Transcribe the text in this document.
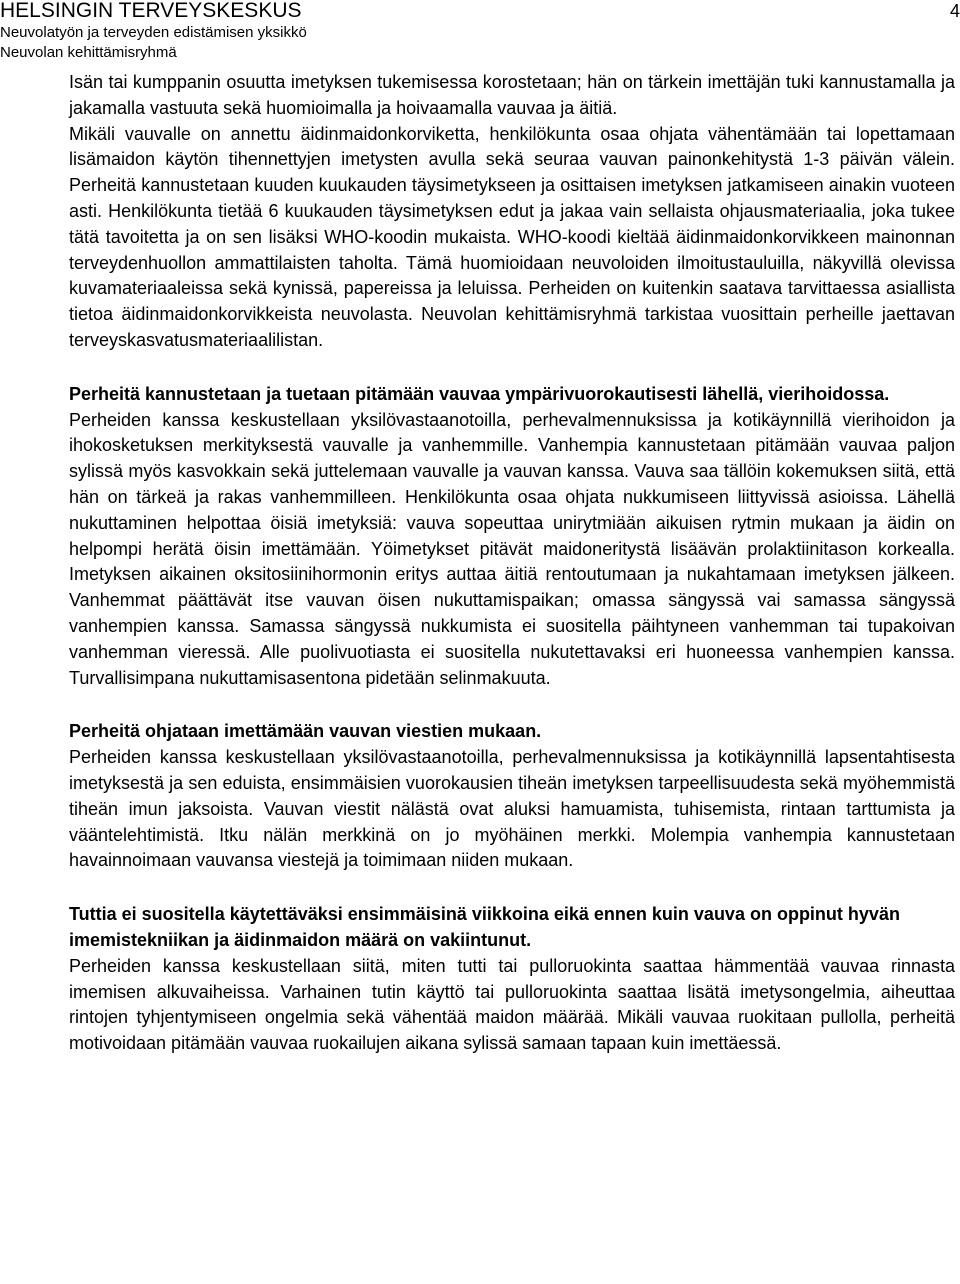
HELSINGIN TERVEYSKESKUS
Neuvolatyön ja terveyden edistämisen yksikkö
Neuvolan kehittämisryhmä
4

Isän tai kumppanin osuutta imetyksen tukemisessa korostetaan; hän on tärkein imettäjän tuki kannustamalla ja jakamalla vastuuta sekä huomioimalla ja hoivaamalla vauvaa ja äitiä.

Mikäli vauvalle on annettu äidinmaidonkorviketta, henkilökunta osaa ohjata vähentämään tai lopettamaan lisämaidon käytön tihennettyjen imetysten avulla sekä seuraa vauvan painonkehitystä 1-3 päivän välein. Perheitä kannustetaan kuuden kuukauden täysimetykseen ja osittaisen imetyksen jatkamiseen ainakin vuoteen asti. Henkilökunta tietää 6 kuukauden täysimetyksen edut ja jakaa vain sellaista ohjausmateriaalia, joka tukee tätä tavoitetta ja on sen lisäksi WHO-koodin mukaista. WHO-koodi kieltää äidinmaidonkorvikkeen mainonnan terveydenhuollon ammattilaisten taholta. Tämä huomioidaan neuvoloiden ilmoitustauluilla, näkyvillä olevissa kuvamateriaaleissa sekä kynissä, papereissa ja leluissa. Perheiden on kuitenkin saatava tarvittaessa asiallista tietoa äidinmaidonkorvikkeista neuvolasta. Neuvolan kehittämisryhmä tarkistaa vuosittain perheille jaettavan terveyskasvatusmateriaalilistan.

Perheitä kannustetaan ja tuetaan pitämään vauvaa ympärivuorokautisesti lähellä, vierihoidossa.

Perheiden kanssa keskustellaan yksilövastaanotoilla, perhevalmennuksissa ja kotikäynnillä vierihoidon ja ihokosketuksen merkityksestä vauvalle ja vanhemmille. Vanhempia kannustetaan pitämään vauvaa paljon sylissä myös kasvokkain sekä juttelemaan vauvalle ja vauvan kanssa. Vauva saa tällöin kokemuksen siitä, että hän on tärkeä ja rakas vanhemmilleen. Henkilökunta osaa ohjata nukkumiseen liittyvissä asioissa. Lähellä nukuttaminen helpottaa öisiä imetyksiä: vauva sopeuttaa unirytmiään aikuisen rytmin mukaan ja äidin on helpompi herätä öisin imettämään. Yöimetykset pitävät maidoneritystä lisäävän prolaktiinitason korkealla. Imetyksen aikainen oksitosiinihormonin eritys auttaa äitiä rentoutumaan ja nukahtamaan imetyksen jälkeen. Vanhemmat päättävät itse vauvan öisen nukuttamispaikan; omassa sängyssä vai samassa sängyssä vanhempien kanssa. Samassa sängyssä nukkumista ei suositella päihtyneen vanhemman tai tupakoivan vanhemman vieressä. Alle puolivuotiasta ei suositella nukutettavaksi eri huoneessa vanhempien kanssa. Turvallisimpana nukuttamisasentona pidetään selinmakuuta.

Perheitä ohjataan imettämään vauvan viestien mukaan.

Perheiden kanssa keskustellaan yksilövastaanotoilla, perhevalmennuksissa ja kotikäynnillä lapsentahtisesta imetyksestä ja sen eduista, ensimmäisien vuorokausien tiheän imetyksen tarpeellisuudesta sekä myöhemmistä tiheän imun jaksoista. Vauvan viestit nälästä ovat aluksi hamuamista, tuhisemista, rintaan tarttumista ja vääntelehtimistä. Itku nälän merkkinä on jo myöhäinen merkki. Molempia vanhempia kannustetaan havainnoimaan vauvansa viestejä ja toimimaan niiden mukaan.

Tuttia ei suositella käytettäväksi ensimmäisinä viikkoina eikä ennen kuin vauva on oppinut hyvän imemistekniikan ja äidinmaidon määrä on vakiintunut.

Perheiden kanssa keskustellaan siitä, miten tutti tai pulloruokinta saattaa hämmentää vauvaa rinnasta imemisen alkuvaiheissa. Varhainen tutin käyttö tai pulloruokinta saattaa lisätä imetysongelmia, aiheuttaa rintojen tyhjentymiseen ongelmia sekä vähentää maidon määrää. Mikäli vauvaa ruokitaan pullolla, perheitä motivoidaan pitämään vauvaa ruokailujen aikana sylissä samaan tapaan kuin imettäessä.
